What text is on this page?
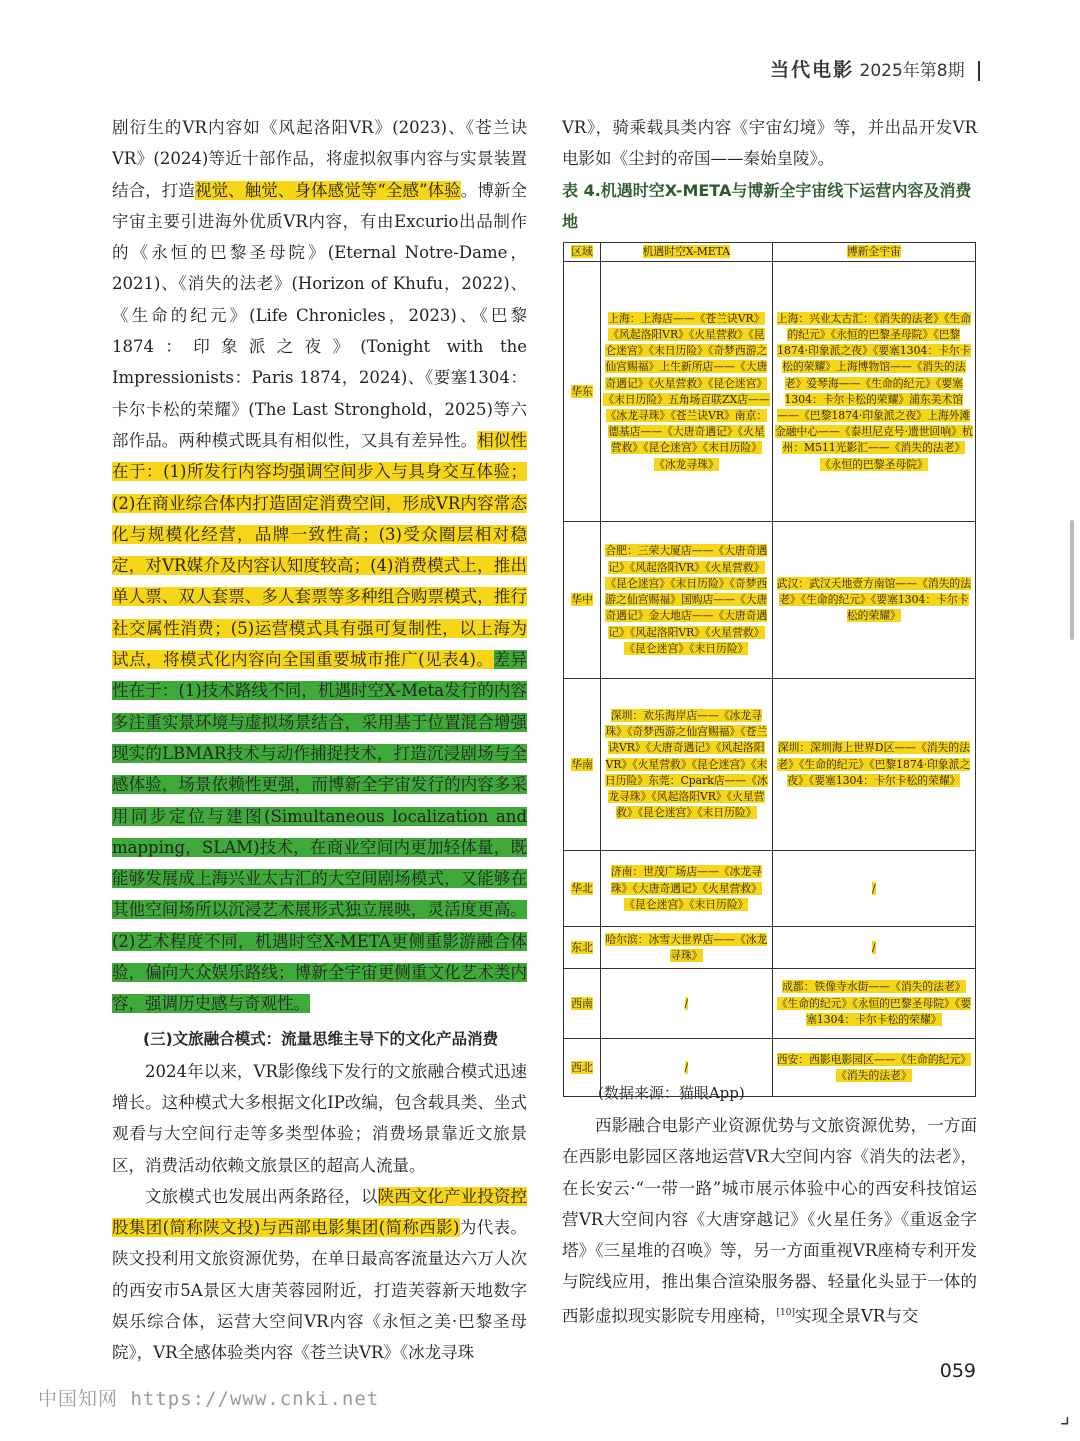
当代电影 2025年第8期

剧衍生的VR内容如《风起洛阳VR》(2023)、《苍兰诀VR》(2024)等近十部作品，将虚拟叙事内容与实景装置结合，打造视觉、触觉、身体感觉等“全感”体验。博新全宇宙主要引进海外优质VR内容，有由Excurio出品制作的《永恒的巴黎圣母院》(Eternal Notre-Dame，2021)、《消失的法老》(Horizon of Khufu，2022)、《生命的纪元》(Life Chronicles，2023)、《巴黎1874：印象派之夜》(Tonight with the Impressionists：Paris 1874，2024)、《要塞1304：卡尔卡松的荣耀》(The Last Stronghold，2025)等六部作品。两种模式既具有相似性，又具有差异性。相似性在于：(1)所发行内容均强调空间步入与具身交互体验；(2)在商业综合体内打造固定消费空间，形成VR内容常态化与规模化经营，品牌一致性高；(3)受众圈层相对稳定，对VR媒介及内容认知度较高；(4)消费模式上，推出单人票、双人套票、多人套票等多种组合购票模式，推行社交属性消费；(5)运营模式具有强可复制性，以上海为试点，将模式化内容向全国重要城市推广(见表4)。差异性在于：(1)技术路线不同，机遇时空X-Meta发行的内容多注重实景环境与虚拟场景结合，采用基于位置混合增强现实的LBMAR技术与动作捕捉技术，打造沉浸剧场与全感体验，场景依赖性更强，而博新全宇宙发行的内容多采用同步定位与建图(Simultaneous localization and mapping，SLAM)技术，在商业空间内更加轻体量，既能够发展成上海兴业太古汇的大空间剧场模式，又能够在其他空间场所以沉浸艺术展形式独立展映，灵活度更高。(2)艺术程度不同，机遇时空X-META更侧重影游融合体验，偏向大众娱乐路线；博新全宇宙更侧重文化艺术类内容，强调历史感与奇观性。

(三)文旅融合模式：流量思维主导下的文化产品消费

2024年以来，VR影像线下发行的文旅融合模式迅速增长。这种模式大多根据文化IP改编，包含载具类、坐式观看与大空间行走等多类型体验；消费场景靠近文旅景区，消费活动依赖文旅景区的超高人流量。

文旅模式也发展出两条路径，以陕西文化产业投资控股集团(简称陕文投)与西部电影集团(简称西影)为代表。陕文投利用文旅资源优势，在单日最高客流量达六万人次的西安市5A景区大唐芙蓉园附近，打造芙蓉新天地数字娱乐综合体，运营大空间VR内容《永恒之美·巴黎圣母院》，VR全感体验类内容《苍兰诀VR》《冰龙寻珠

VR》，骑乘载具类内容《宇宙幻境》等，并出品开发VR电影如《尘封的帝国——秦始皇陵》。

表 4.机遇时空X-META与博新全宇宙线下运营内容及消费地

区域	机遇时空X-META	博新全宇宙
华东	上海：上海店——《苍兰诀VR》《风起洛阳VR》《火星营救》《昆仑迷宫》《末日历险》《奇梦西游之仙宫赐福》上生新所店——《大唐奇遇记》《火星营救》《昆仑迷宫》《末日历险》五角场百联ZX店——《冰龙寻珠》《苍兰诀VR》南京：德基店——《大唐奇遇记》《火星营救》《昆仑迷宫》《末日历险》《冰龙寻珠》	上海：兴业太古汇：《消失的法老》《生命的纪元》《永恒的巴黎圣母院》《巴黎1874·印象派之夜》《要塞1304：卡尔卡松的荣耀》上海博物馆——《消失的法老》爱琴海——《生命的纪元》《要塞1304：卡尔卡松的荣耀》浦东美术馆——《巴黎1874·印象派之夜》上海外滩金融中心——《泰坦尼克号·遗世回响》杭州：M511光影汇——《消失的法老》《永恒的巴黎圣母院》
华中	合肥：三荣大厦店——《大唐奇遇记》《风起洛阳VR》《火星营救》《昆仑迷宫》《末日历险》《奇梦西游之仙宫赐福》国购店——《大唐奇遇记》金大地店——《大唐奇遇记》《风起洛阳VR》《火星营救》《昆仑迷宫》《末日历险》	武汉：武汉天地壹方南馆——《消失的法老》《生命的纪元》《要塞1304：卡尔卡松的荣耀》
华南	深圳：欢乐海岸店——《冰龙寻珠》《奇梦西游之仙宫赐福》《苍兰诀VR》《大唐奇遇记》《风起洛阳VR》《火星营救》《昆仑迷宫》《末日历险》东莞：Cpark店——《冰龙寻珠》《风起洛阳VR》《火星营救》《昆仑迷宫》《末日历险》	深圳：深圳海上世界D区——《消失的法老》《生命的纪元》《巴黎1874·印象派之夜》《要塞1304：卡尔卡松的荣耀》
华北	济南：世茂广场店——《冰龙寻珠》《大唐奇遇记》《火星营救》《昆仑迷宫》《末日历险》	/
东北	哈尔滨：冰雪大世界店——《冰龙寻珠》	/
西南	/	成都：铁像寺水街——《消失的法老》《生命的纪元》《永恒的巴黎圣母院》《要塞1304：卡尔卡松的荣耀》
西北	/	西安：西影电影园区——《生命的纪元》《消失的法老》
(数据来源：猫眼App)

西影融合电影产业资源优势与文旅资源优势，一方面在西影电影园区落地运营VR大空间内容《消失的法老》，在长安云·“一带一路”城市展示体验中心的西安科技馆运营VR大空间内容《大唐穿越记》《火星任务》《重返金字塔》《三星堆的召唤》等，另一方面重视VR座椅专利开发与院线应用，推出集合渲染服务器、轻量化头显于一体的西影虚拟现实影院专用座椅，[10]实现全景VR与交

059
中国知网 https://www.cnki.net
⌟
